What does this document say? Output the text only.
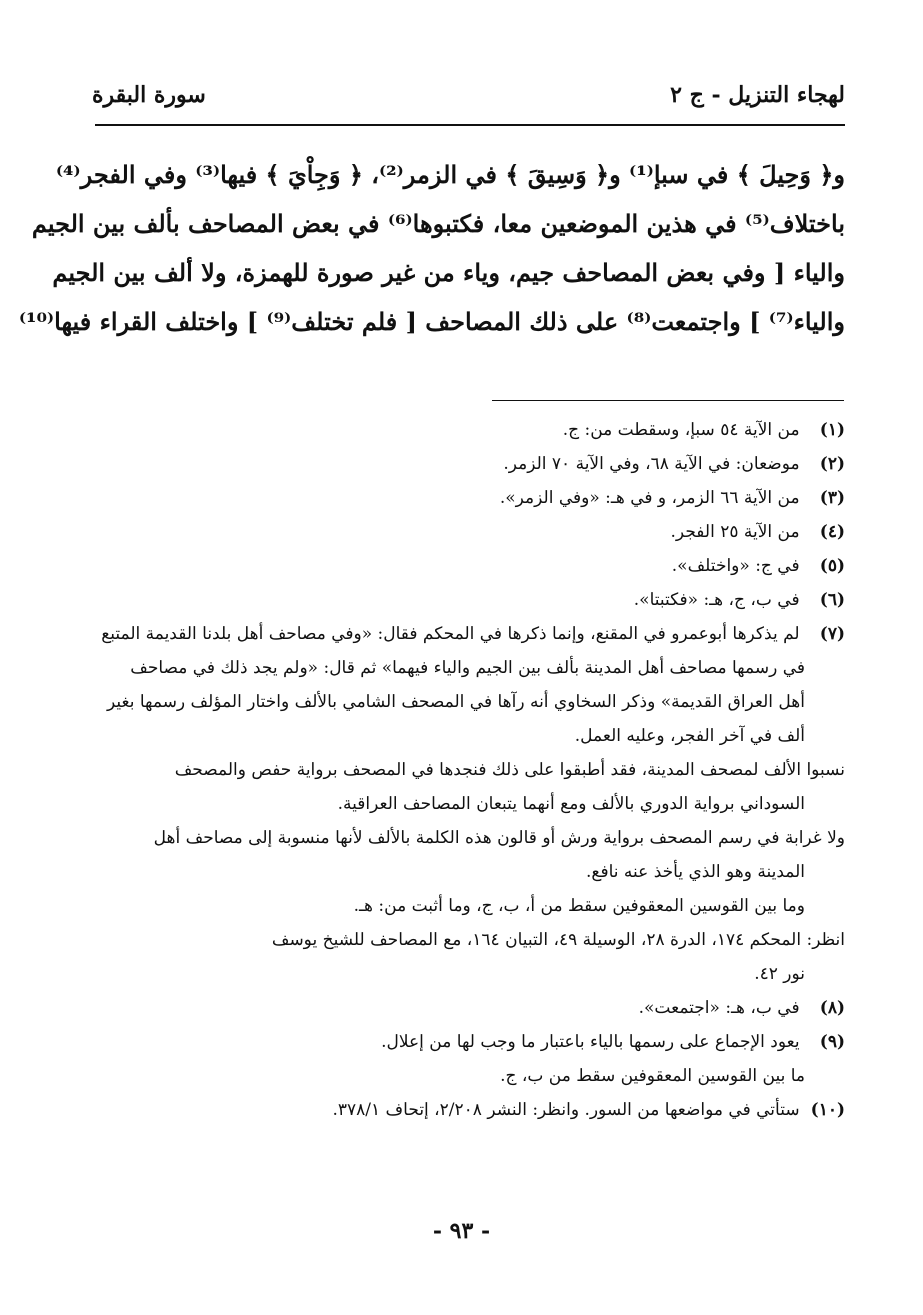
لهجاء التنزيل - ج ٢
سورة البقرة
و﴿ وَحِيلَ ﴾ في سبإ⁽¹⁾ و﴿ وَسِيقَ ﴾ في الزمر⁽²⁾، ﴿ وَجِاْيَ ﴾ فيها⁽³⁾ وفي الفجر⁽⁴⁾
باختلاف⁽⁵⁾ في هذين الموضعين معا، فكتبوها⁽⁶⁾ في بعض المصاحف بألف بين الجيم
والياء [ وفي بعض المصاحف جيم، وياء من غير صورة للهمزة، ولا ألف بين الجيم
والياء⁽⁷⁾ ] واجتمعت⁽⁸⁾ على ذلك المصاحف [ فلم تختلف⁽⁹⁾ ] واختلف القراء فيها⁽¹⁰⁾
(١) من الآية ٥٤ سبإ، وسقطت من: ج.
(٢) موضعان: في الآية ٦٨، وفي الآية ٧٠ الزمر.
(٣) من الآية ٦٦ الزمر، و في هـ: «وفي الزمر».
(٤) من الآية ٢٥ الفجر.
(٥) في ج: «واختلف».
(٦) في ب، ج، هـ: «فكتبتا».
(٧) لم يذكرها أبوعمرو في المقنع، وإنما ذكرها في المحكم فقال: «وفي مصاحف أهل بلدنا القديمة المتبع
في رسمها مصاحف أهل المدينة بألف بين الجيم والياء فيهما» ثم قال: «ولم يجد ذلك في مصاحف
أهل العراق القديمة» وذكر السخاوي أنه رآها في المصحف الشامي بالألف واختار المؤلف رسمها بغير
ألف في آخر الفجر، وعليه العمل.
نسبوا الألف لمصحف المدينة، فقد أطبقوا على ذلك فنجدها في المصحف برواية حفص والمصحف
السوداني برواية الدوري بالألف ومع أنهما يتبعان المصاحف العراقية.
ولا غرابة في رسم المصحف برواية ورش أو قالون هذه الكلمة بالألف لأنها منسوبة إلى مصاحف أهل
المدينة وهو الذي يأخذ عنه نافع.
وما بين القوسين المعقوفين سقط من أ، ب، ج، وما أثبت من: هـ.
انظر: المحكم ١٧٤، الدرة ٢٨، الوسيلة ٤٩، التبيان ١٦٤، مع المصاحف للشيخ يوسف
نور ٤٢.
(٨) في ب، هـ: «اجتمعت».
(٩) يعود الإجماع على رسمها بالياء باعتبار ما وجب لها من إعلال.
ما بين القوسين المعقوفين سقط من ب، ج.
(١٠) ستأتي في مواضعها من السور. وانظر: النشر ٢/٢٠٨، إتحاف ٣٧٨/١.
- ٩٣ -
